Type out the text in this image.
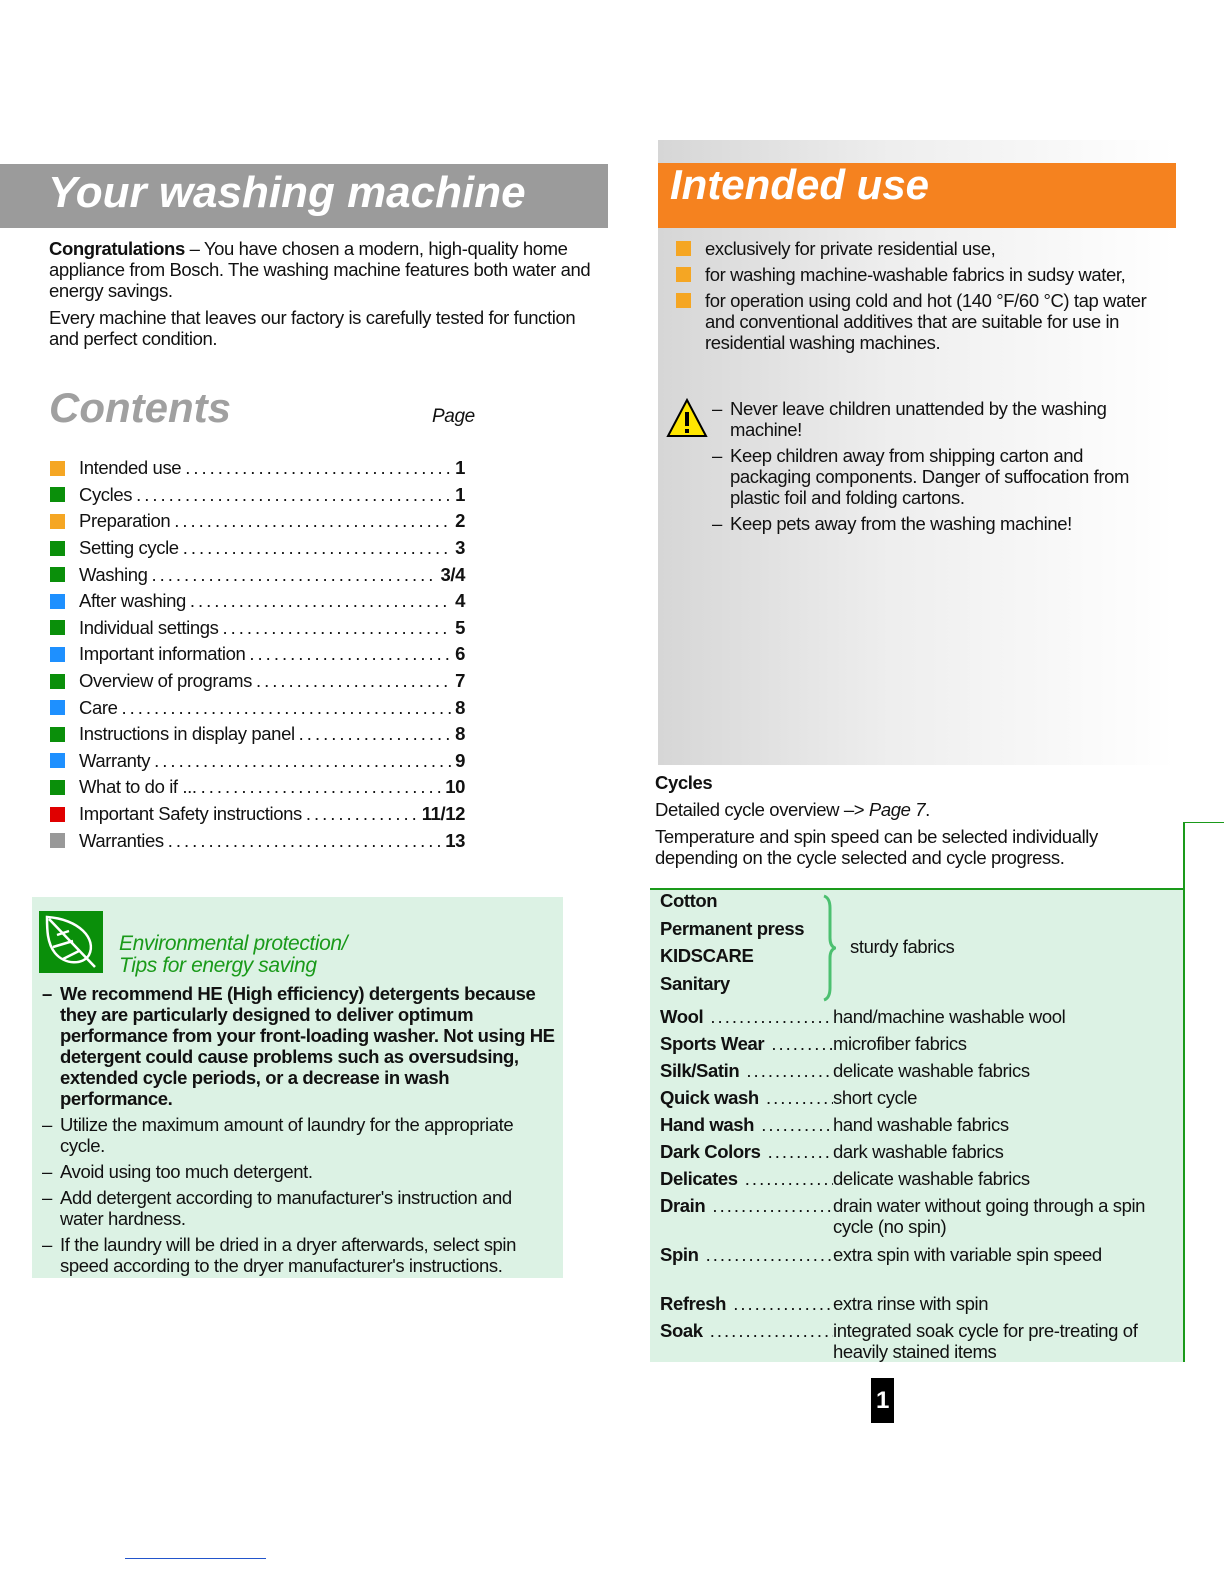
Your washing machine

Congratulations – You have chosen a modern, high-quality home appliance from Bosch. The washing machine features both water and energy savings.

Every machine that leaves our factory is carefully tested for function and perfect condition.

Contents	Page
Intended use .....	1
Cycles .....	1
Preparation .....	2
Setting cycle .....	3
Washing .....	3/4
After washing .....	4
Individual settings .....	5
Important information .....	6
Overview of programs .....	7
Care .....	8
Instructions in display panel .....	8
Warranty .....	9
What to do if ... .....	10
Important Safety instructions .....	11/12
Warranties .....	13
Environmental protection/
Tips for energy saving
– We recommend HE (High efficiency) detergents because they are particularly designed to deliver optimum performance from your front-loading washer. Not using HE detergent could cause problems such as oversudsing, extended cycle periods, or a decrease in wash performance.
– Utilize the maximum amount of laundry for the appropriate cycle.
– Avoid using too much detergent.
– Add detergent according to manufacturer's instruction and water hardness.
– If the laundry will be dried in a dryer afterwards, select spin speed according to the dryer manufacturer's instructions.
Intended use
exclusively for private residential use,
for washing machine-washable fabrics in sudsy water,
for operation using cold and hot (140 °F/60 °C) tap water and conventional additives that are suitable for use in residential washing machines.
– Never leave children unattended by the washing machine!
– Keep children away from shipping carton and packaging components. Danger of suffocation from plastic foil and folding cartons.
– Keep pets away from the washing machine!

Cycles

Detailed cycle overview –> Page 7.

Temperature and spin speed can be selected individually depending on the cycle selected and cycle progress.

Cotton
Permanent press
KIDSCARE
Sanitary
sturdy fabrics
Wool .....	hand/machine washable wool
Sports Wear .....	microfiber fabrics
Silk/Satin .....	delicate washable fabrics
Quick wash .....	short cycle
Hand wash .....	hand washable fabrics
Dark Colors .....	dark washable fabrics
Delicates .....	delicate washable fabrics
Drain .....	drain water without going through a spin cycle (no spin)
Spin .....	extra spin with variable spin speed
Refresh .....	extra rinse with spin
Soak .....	integrated soak cycle for pre-treating of heavily stained items
1
